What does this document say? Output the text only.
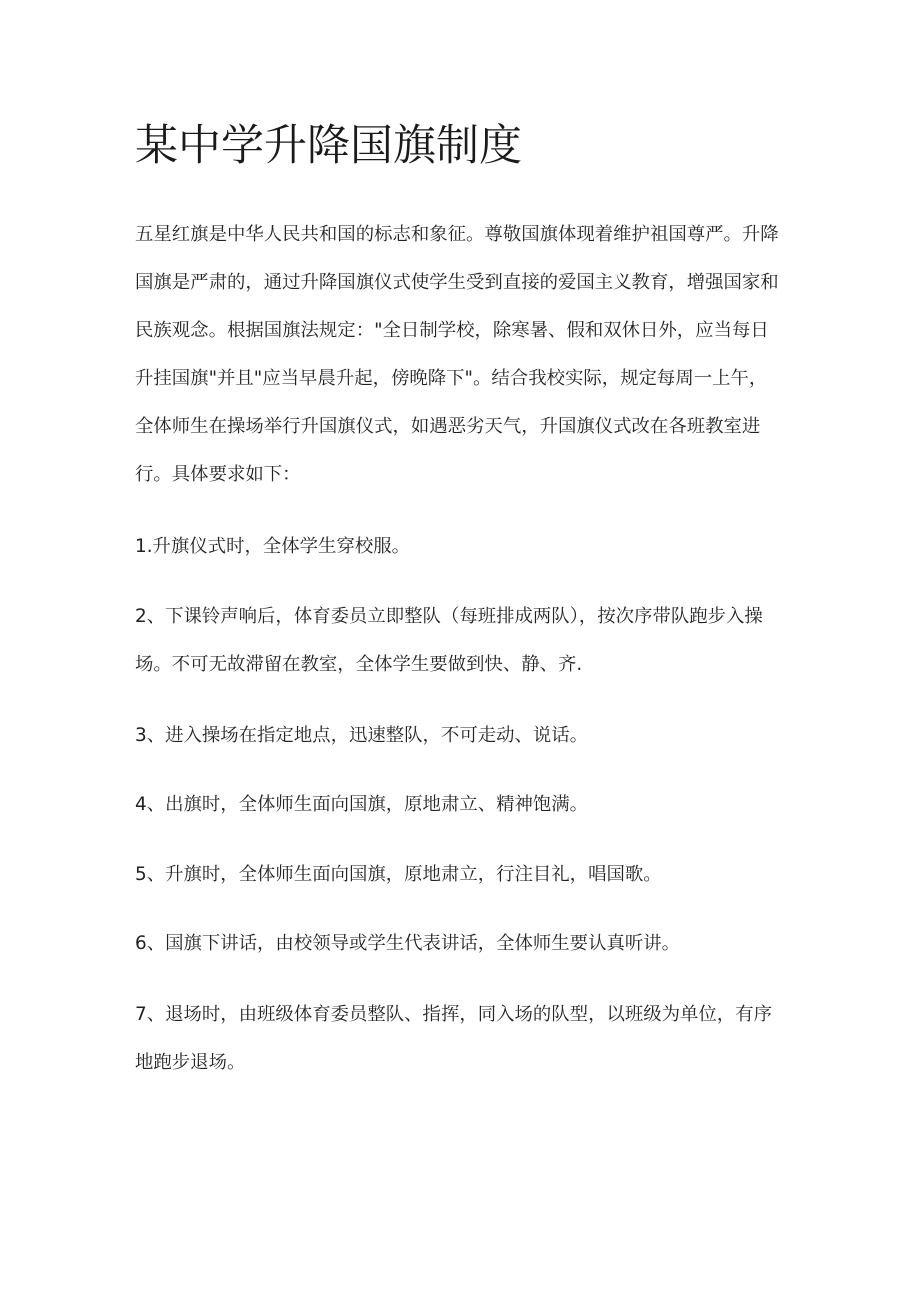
某中学升降国旗制度

五星红旗是中华人民共和国的标志和象征。尊敬国旗体现着维护祖国尊严。升降国旗是严肃的，通过升降国旗仪式使学生受到直接的爱国主义教育，增强国家和民族观念。根据国旗法规定："全日制学校，除寒暑、假和双休日外，应当每日升挂国旗"并且"应当早晨升起，傍晚降下"。结合我校实际，规定每周一上午，全体师生在操场举行升国旗仪式，如遇恶劣天气，升国旗仪式改在各班教室进行。具体要求如下：

1.升旗仪式时，全体学生穿校服。

2、下课铃声响后，体育委员立即整队（每班排成两队），按次序带队跑步入操场。不可无故滞留在教室，全体学生要做到快、静、齐.

3、进入操场在指定地点，迅速整队，不可走动、说话。

4、出旗时，全体师生面向国旗，原地肃立、精神饱满。

5、升旗时，全体师生面向国旗，原地肃立，行注目礼，唱国歌。

6、国旗下讲话，由校领导或学生代表讲话，全体师生要认真听讲。

7、退场时，由班级体育委员整队、指挥，同入场的队型，以班级为单位，有序地跑步退场。
